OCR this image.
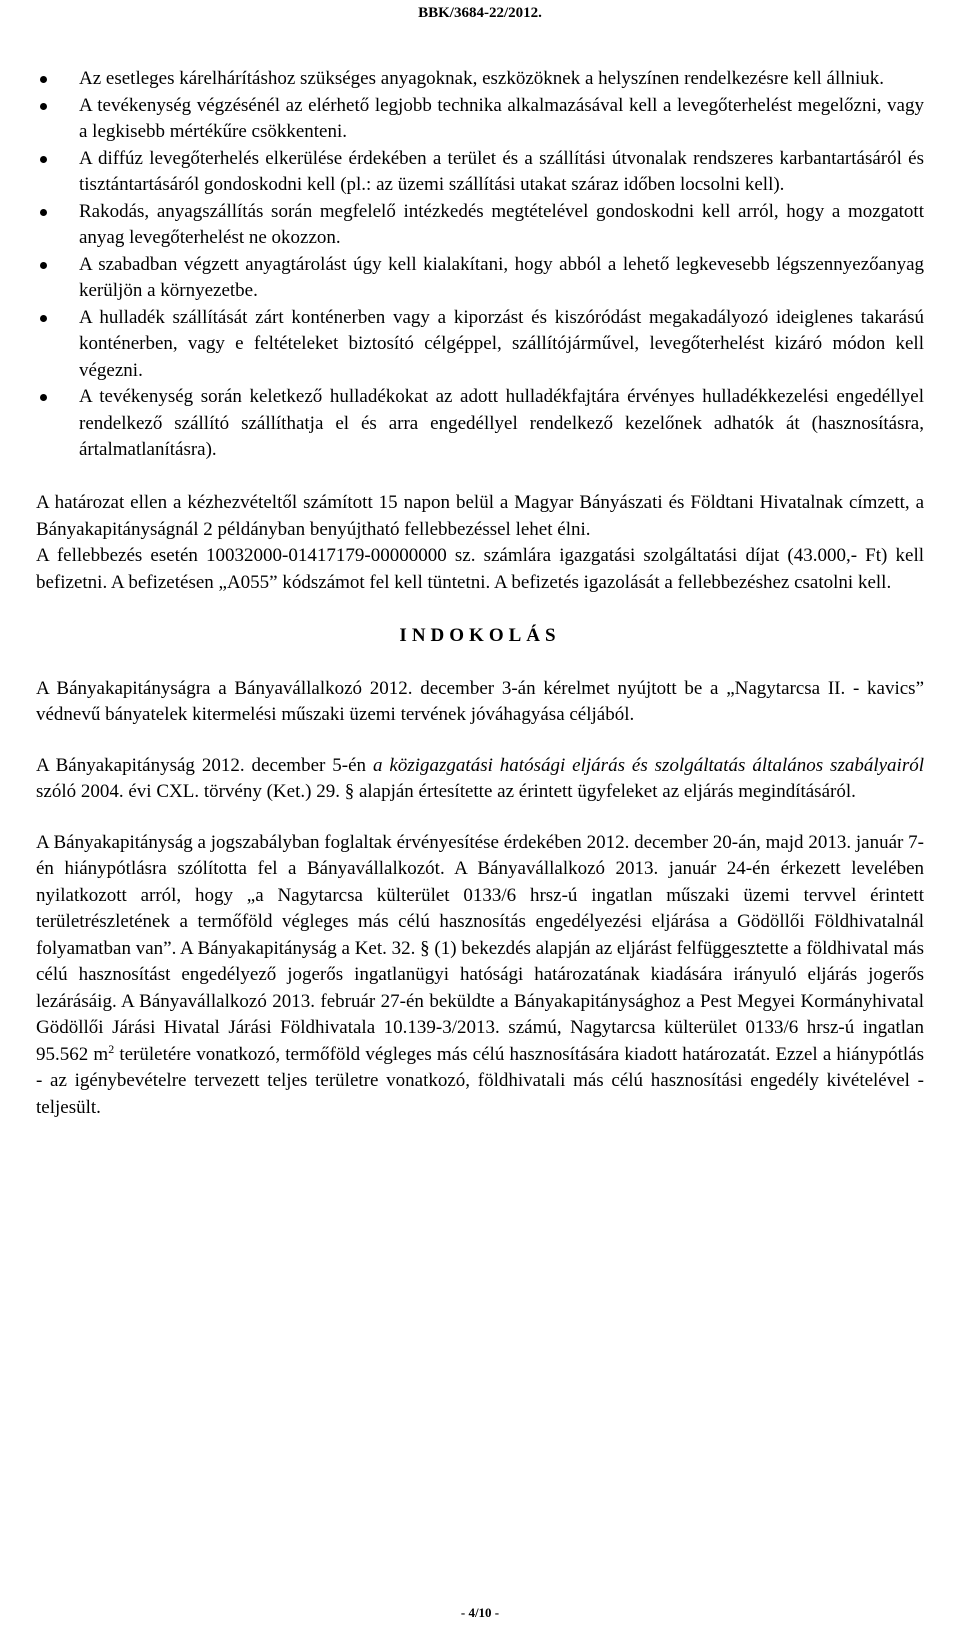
BBK/3684-22/2012.
Az esetleges kárelhárításhoz szükséges anyagoknak, eszközöknek a helyszínen rendelkezésre kell állniuk.
A tevékenység végzésénél az elérhető legjobb technika alkalmazásával kell a levegőterhelést megelőzni, vagy a legkisebb mértékűre csökkenteni.
A diffúz levegőterhelés elkerülése érdekében a terület és a szállítási útvonalak rendszeres karbantartásáról és tisztántartásáról gondoskodni kell (pl.: az üzemi szállítási utakat száraz időben locsolni kell).
Rakodás, anyagszállítás során megfelelő intézkedés megtételével gondoskodni kell arról, hogy a mozgatott anyag levegőterhelést ne okozzon.
A szabadban végzett anyagtárolást úgy kell kialakítani, hogy abból a lehető legkevesebb légszennyezőanyag kerüljön a környezetbe.
A hulladék szállítását zárt konténerben vagy a kiporzást és kiszóródást megakadályozó ideiglenes takarású konténerben, vagy e feltételeket biztosító célgéppel, szállítójárművel, levegőterhelést kizáró módon kell végezni.
A tevékenység során keletkező hulladékokat az adott hulladékfajtára érvényes hulladékkezelési engedéllyel rendelkező szállító szállíthatja el és arra engedéllyel rendelkező kezelőnek adhatók át (hasznosításra, ártalmatlanításra).

A határozat ellen a kézhezvételtől számított 15 napon belül a Magyar Bányászati és Földtani Hivatalnak címzett, a Bányakapitányságnál 2 példányban benyújtható fellebbezéssel lehet élni.

A fellebbezés esetén 10032000-01417179-00000000 sz. számlára igazgatási szolgáltatási díjat (43.000,- Ft) kell befizetni. A befizetésen „A055” kódszámot fel kell tüntetni. A befizetés igazolását a fellebbezéshez csatolni kell.

INDOKOLÁS

A Bányakapitányságra a Bányavállalkozó 2012. december 3-án kérelmet nyújtott be a „Nagytarcsa II. - kavics” védnevű bányatelek kitermelési műszaki üzemi tervének jóváhagyása céljából.

A Bányakapitányság 2012. december 5-én a közigazgatási hatósági eljárás és szolgáltatás általános szabályairól szóló 2004. évi CXL. törvény (Ket.) 29. § alapján értesítette az érintett ügyfeleket az eljárás megindításáról.

A Bányakapitányság a jogszabályban foglaltak érvényesítése érdekében 2012. december 20-án, majd 2013. január 7-én hiánypótlásra szólította fel a Bányavállalkozót. A Bányavállalkozó 2013. január 24-én érkezett levelében nyilatkozott arról, hogy „a Nagytarcsa külterület 0133/6 hrsz-ú ingatlan műszaki üzemi tervvel érintett területrészletének a termőföld végleges más célú hasznosítás engedélyezési eljárása a Gödöllői Földhivatalnál folyamatban van”. A Bányakapitányság a Ket. 32. § (1) bekezdés alapján az eljárást felfüggesztette a földhivatal más célú hasznosítást engedélyező jogerős ingatlanügyi hatósági határozatának kiadására irányuló eljárás jogerős lezárásáig. A Bányavállalkozó 2013. február 27-én beküldte a Bányakapitánysághoz a Pest Megyei Kormányhivatal Gödöllői Járási Hivatal Járási Földhivatala 10.139-3/2013. számú, Nagytarcsa külterület 0133/6 hrsz-ú ingatlan 95.562 $m^2$ területére vonatkozó, termőföld végleges más célú hasznosítására kiadott határozatát. Ezzel a hiánypótlás - az igénybevételre tervezett teljes területre vonatkozó, földhivatali más célú hasznosítási engedély kivételével - teljesült.

- 4/10 -
